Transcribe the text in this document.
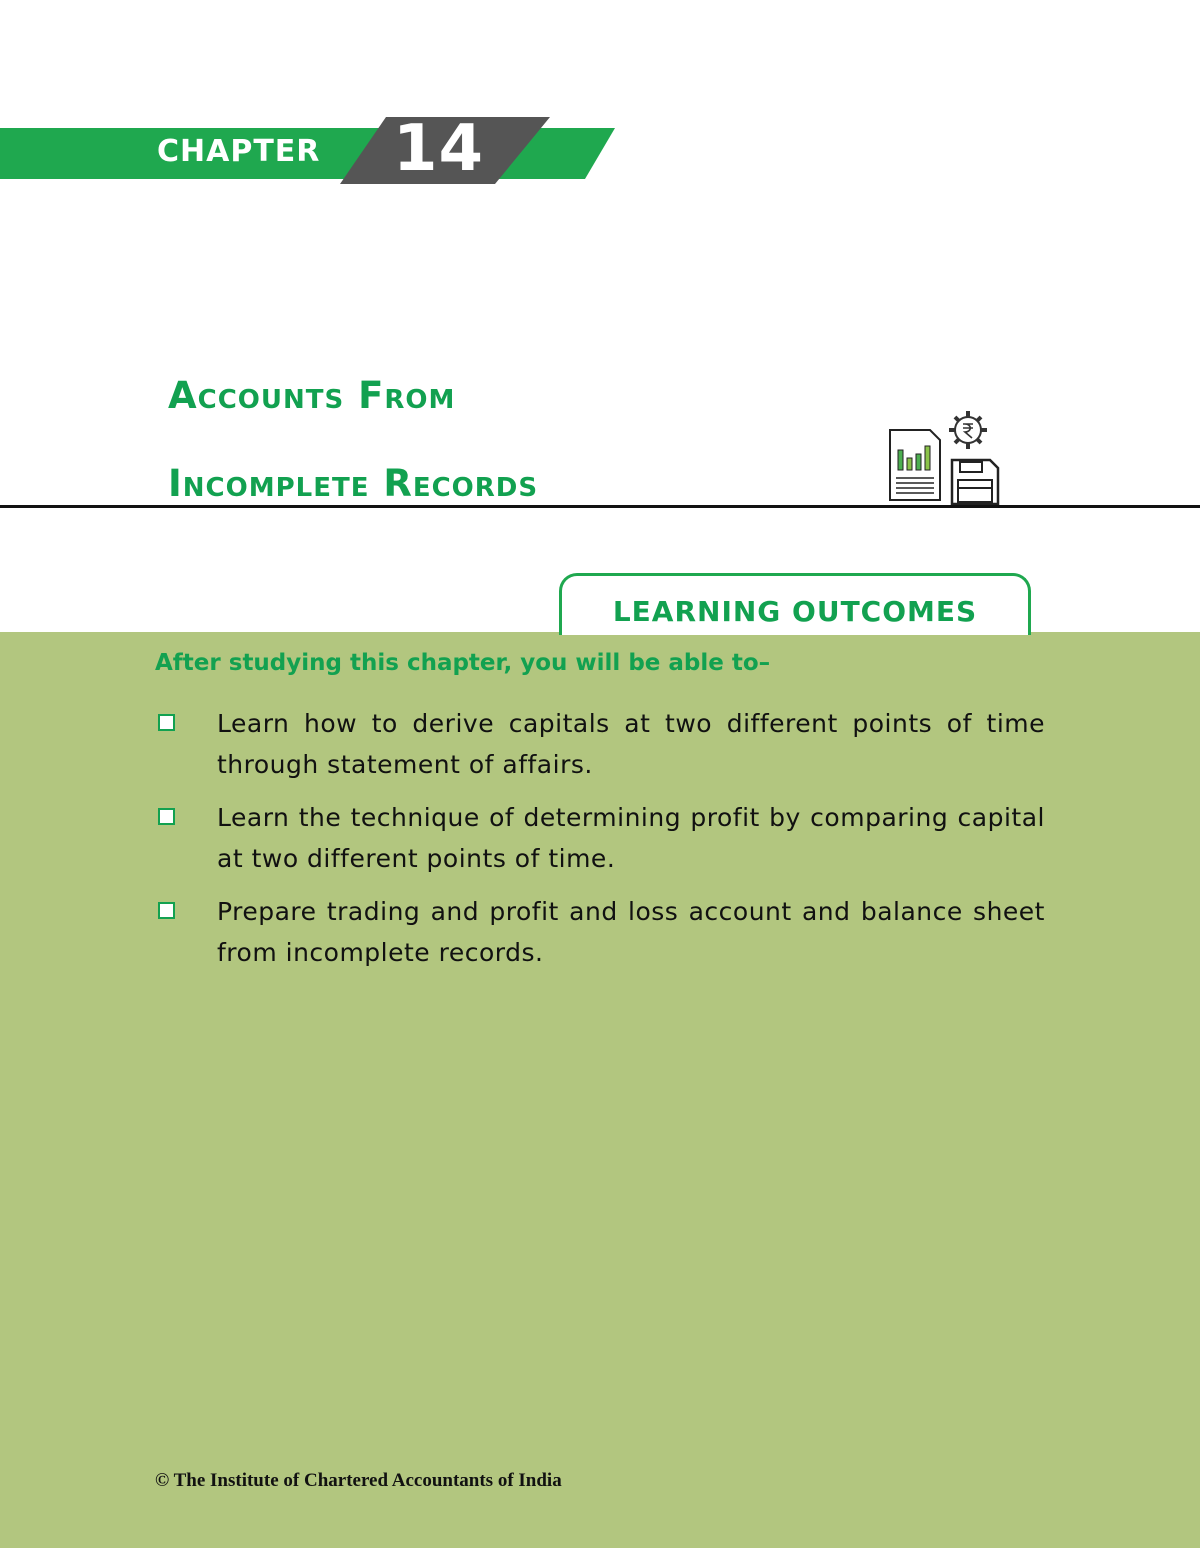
CHAPTER 14
Accounts From
Incomplete Records
LEARNING OUTCOMES
After studying this chapter, you will be able to–
Learn how to derive capitals at two different points of time through statement of affairs.
Learn the technique of determining profit by comparing capital at two different points of time.
Prepare trading and profit and loss account and balance sheet from incomplete records.
© The Institute of Chartered Accountants of India
